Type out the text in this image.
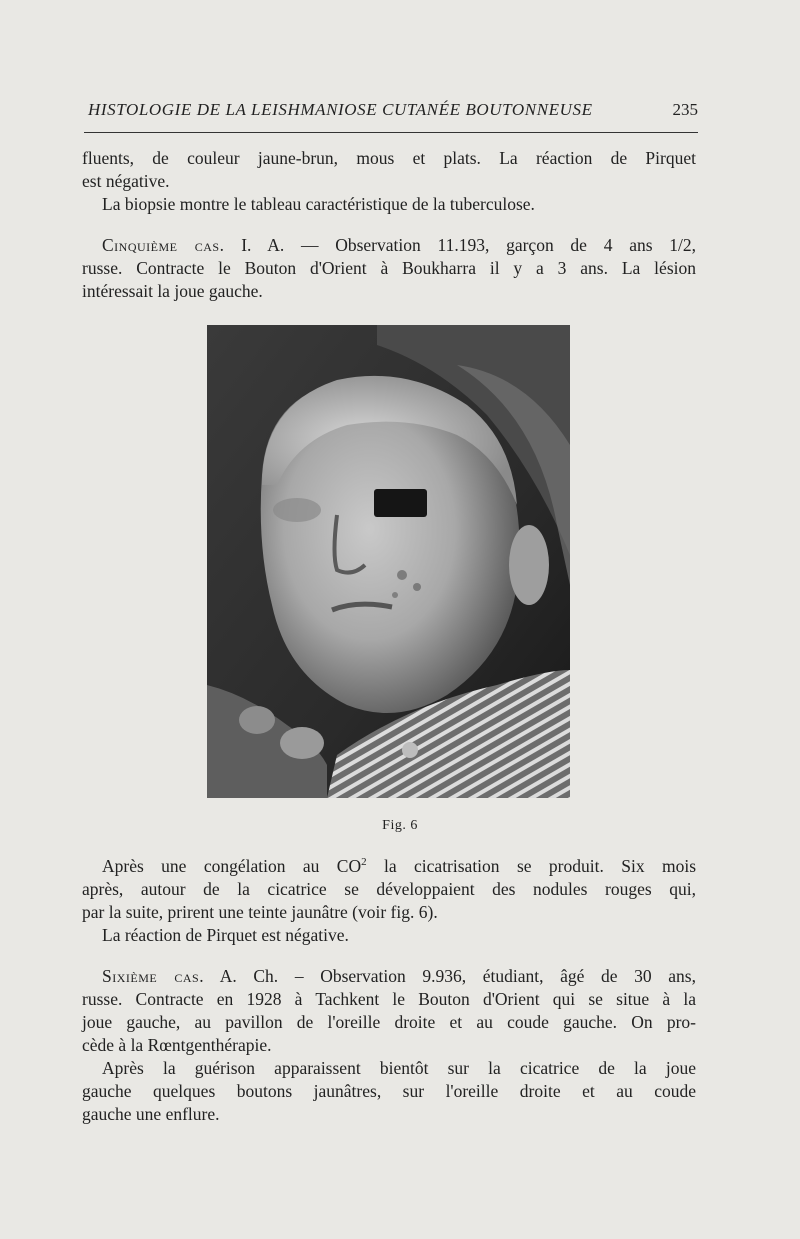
HISTOLOGIE DE LA LEISHMANIOSE CUTANÉE BOUTONNEUSE	235
fluents, de couleur jaune-brun, mous et plats. La réaction de Pirquet
est négative.
La biopsie montre le tableau caractéristique de la tuberculose.
Cinquième cas. I. A. — Observation 11.193, garçon de 4 ans 1/2,
russe. Contracte le Bouton d'Orient à Boukharra il y a 3 ans. La lésion
intéressait la joue gauche.
Fig. 6
Après une congélation au $CO^2$ la cicatrisation se produit. Six mois
après, autour de la cicatrice se développaient des nodules rouges qui,
par la suite, prirent une teinte jaunâtre (voir fig. 6).
La réaction de Pirquet est négative.
Sixième cas. A. Ch. – Observation 9.936, étudiant, âgé de 30 ans,
russe. Contracte en 1928 à Tachkent le Bouton d'Orient qui se situe à la
joue gauche, au pavillon de l'oreille droite et au coude gauche. On pro-
cède à la Rœntgenthérapie.
Après la guérison apparaissent bientôt sur la cicatrice de la joue
gauche quelques boutons jaunâtres, sur l'oreille droite et au coude
gauche une enflure.
